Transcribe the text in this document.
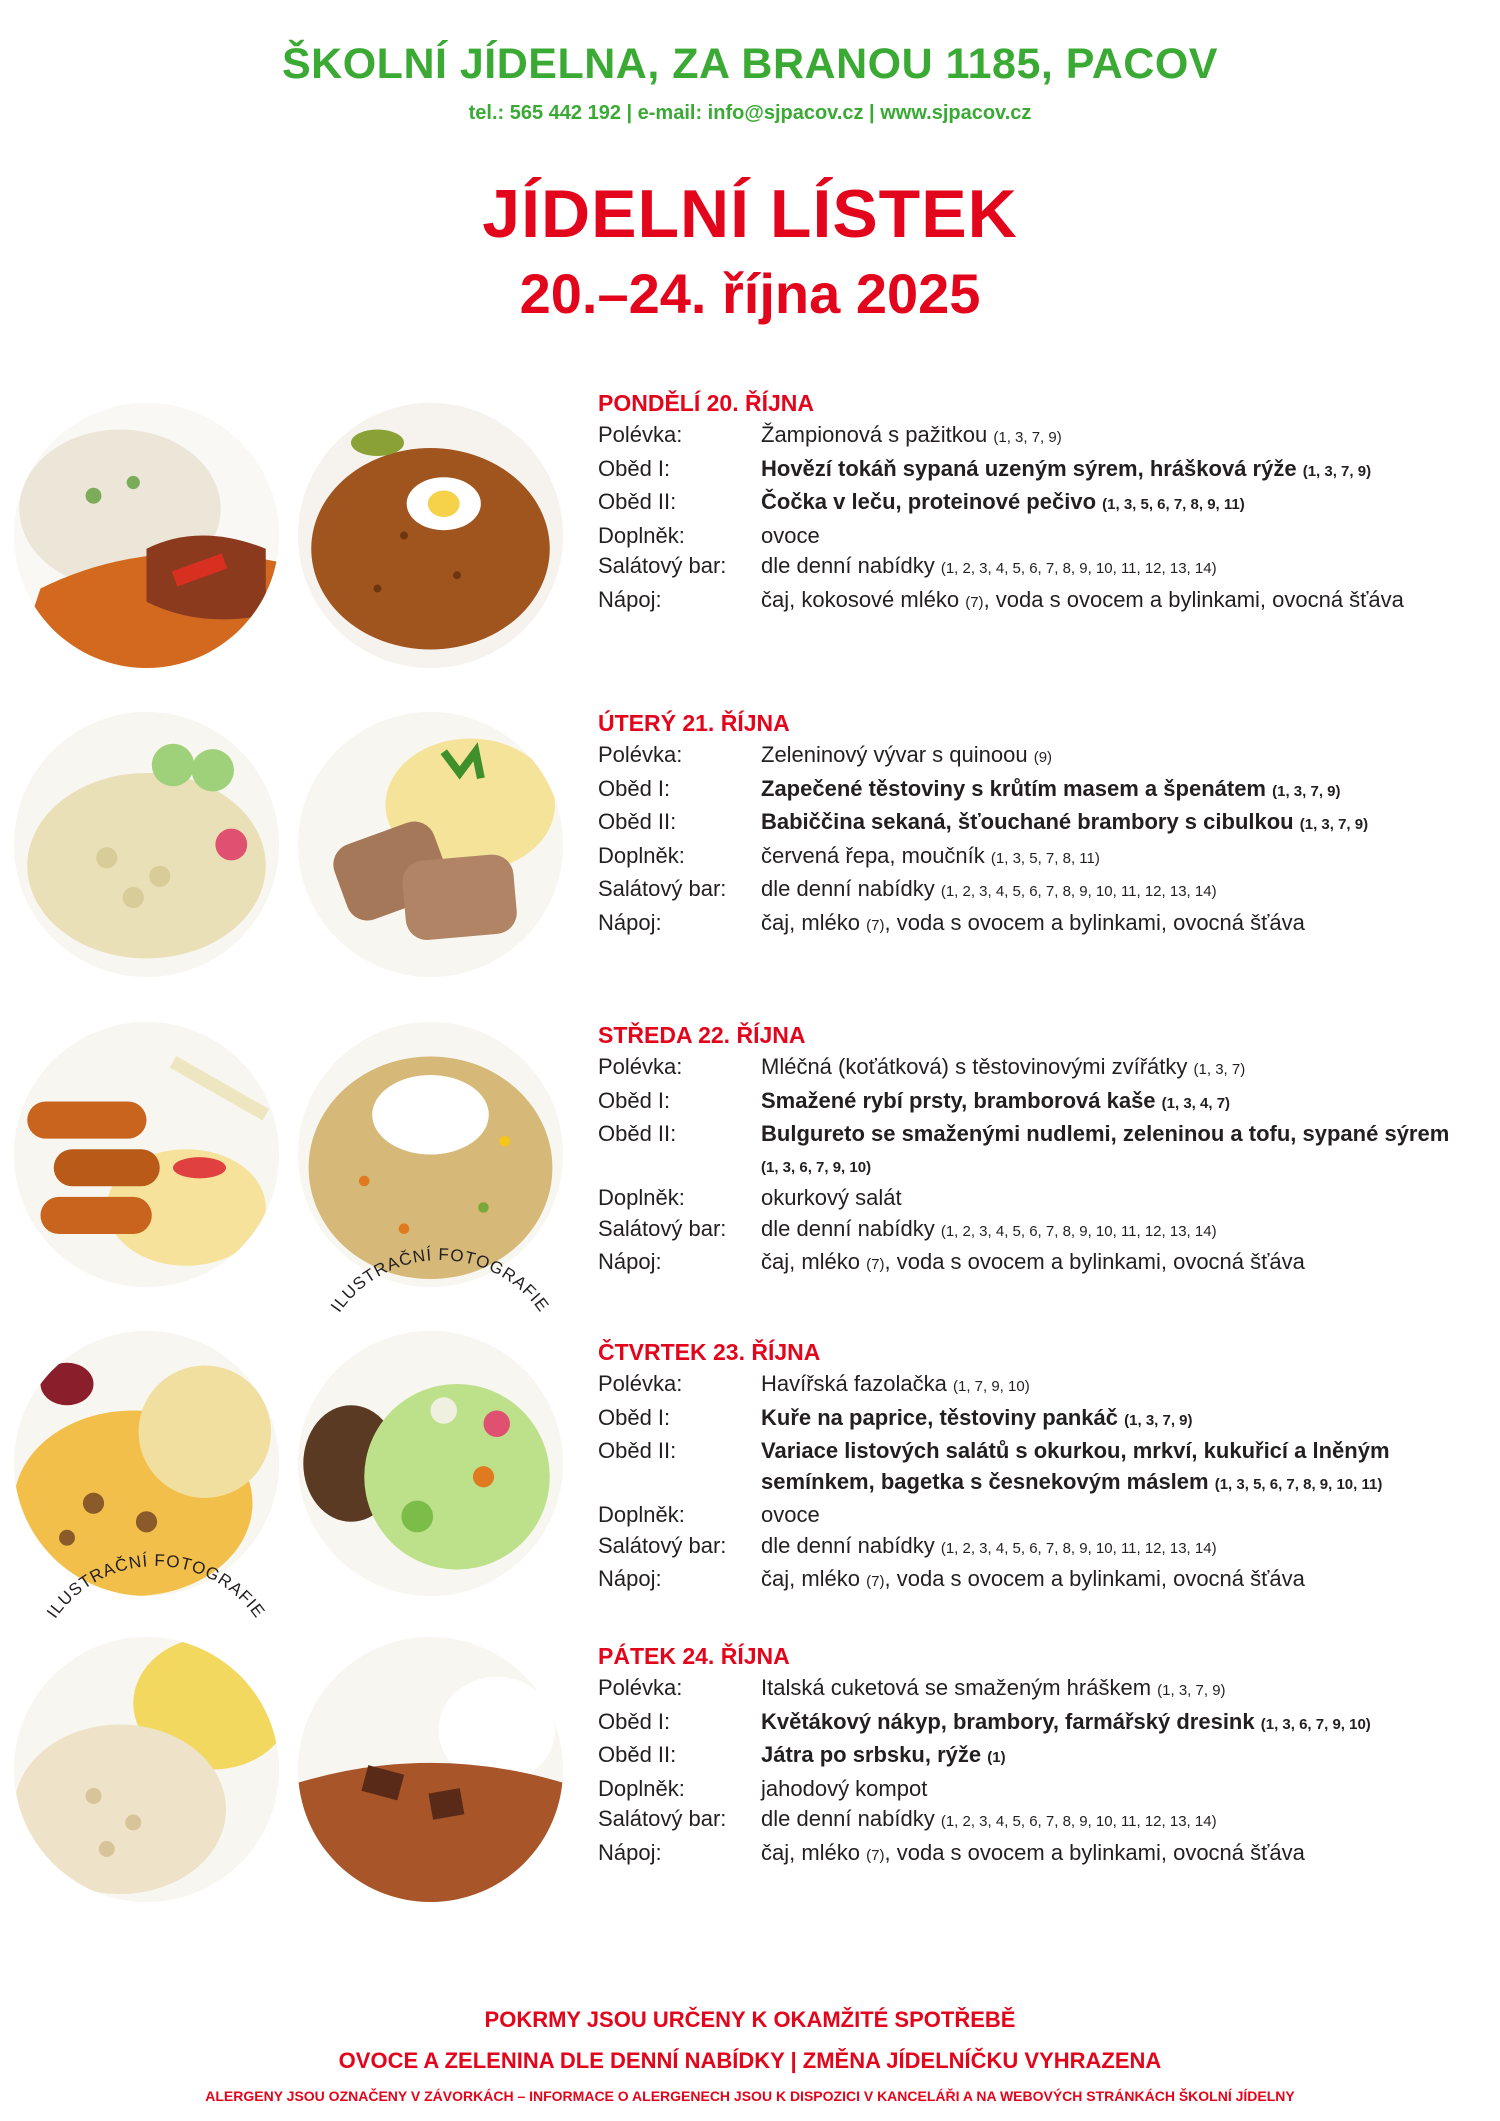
ŠKOLNÍ JÍDELNA, ZA BRANOU 1185, PACOV
tel.: 565 442 192 | e-mail: info@sjpacov.cz | www.sjpacov.cz
JÍDELNÍ LÍSTEK
20.–24. října 2025
ILUSTRAČNÍ FOTOGRAFIE
ILUSTRAČNÍ FOTOGRAFIE
PONDĚLÍ 20. ŘÍJNA
Polévka:	Žampionová s pažitkou (1, 3, 7, 9)
Oběd I:	Hovězí tokáň sypaná uzeným sýrem, hrášková rýže (1, 3, 7, 9)
Oběd II:	Čočka v leču, proteinové pečivo (1, 3, 5, 6, 7, 8, 9, 11)
Doplněk:	ovoce
Salátový bar:	dle denní nabídky (1, 2, 3, 4, 5, 6, 7, 8, 9, 10, 11, 12, 13, 14)
Nápoj:	čaj, kokosové mléko (7), voda s ovocem a bylinkami, ovocná šťáva
ÚTERÝ 21. ŘÍJNA
Polévka:	Zeleninový vývar s quinoou (9)
Oběd I:	Zapečené těstoviny s krůtím masem a špenátem (1, 3, 7, 9)
Oběd II:	Babiččina sekaná, šťouchané brambory s cibulkou (1, 3, 7, 9)
Doplněk:	červená řepa, moučník (1, 3, 5, 7, 8, 11)
Salátový bar:	dle denní nabídky (1, 2, 3, 4, 5, 6, 7, 8, 9, 10, 11, 12, 13, 14)
Nápoj:	čaj, mléko (7), voda s ovocem a bylinkami, ovocná šťáva
STŘEDA 22. ŘÍJNA
Polévka:	Mléčná (koťátková) s těstovinovými zvířátky (1, 3, 7)
Oběd I:	Smažené rybí prsty, bramborová kaše (1, 3, 4, 7)
Oběd II:	Bulgureto se smaženými nudlemi, zeleninou a tofu, sypané sýrem
(1, 3, 6, 7, 9, 10)
Doplněk:	okurkový salát
Salátový bar:	dle denní nabídky (1, 2, 3, 4, 5, 6, 7, 8, 9, 10, 11, 12, 13, 14)
Nápoj:	čaj, mléko (7), voda s ovocem a bylinkami, ovocná šťáva
ČTVRTEK 23. ŘÍJNA
Polévka:	Havířská fazolačka (1, 7, 9, 10)
Oběd I:	Kuře na paprice, těstoviny pankáč (1, 3, 7, 9)
Oběd II:	Variace listových salátů s okurkou, mrkví, kukuřicí a lněným semínkem, bagetka s česnekovým máslem (1, 3, 5, 6, 7, 8, 9, 10, 11)
Doplněk:	ovoce
Salátový bar:	dle denní nabídky (1, 2, 3, 4, 5, 6, 7, 8, 9, 10, 11, 12, 13, 14)
Nápoj:	čaj, mléko (7), voda s ovocem a bylinkami, ovocná šťáva
PÁTEK 24. ŘÍJNA
Polévka:	Italská cuketová se smaženým hráškem (1, 3, 7, 9)
Oběd I:	Květákový nákyp, brambory, farmářský dresink (1, 3, 6, 7, 9, 10)
Oběd II:	Játra po srbsku, rýže (1)
Doplněk:	jahodový kompot
Salátový bar:	dle denní nabídky (1, 2, 3, 4, 5, 6, 7, 8, 9, 10, 11, 12, 13, 14)
Nápoj:	čaj, mléko (7), voda s ovocem a bylinkami, ovocná šťáva
POKRMY JSOU URČENY K OKAMŽITÉ SPOTŘEBĚ
OVOCE A ZELENINA DLE DENNÍ NABÍDKY | ZMĚNA JÍDELNÍČKU VYHRAZENA
ALERGENY JSOU OZNAČENY V ZÁVORKÁCH – INFORMACE O ALERGENECH JSOU K DISPOZICI V KANCELÁŘI A NA WEBOVÝCH STRÁNKÁCH ŠKOLNÍ JÍDELNY
